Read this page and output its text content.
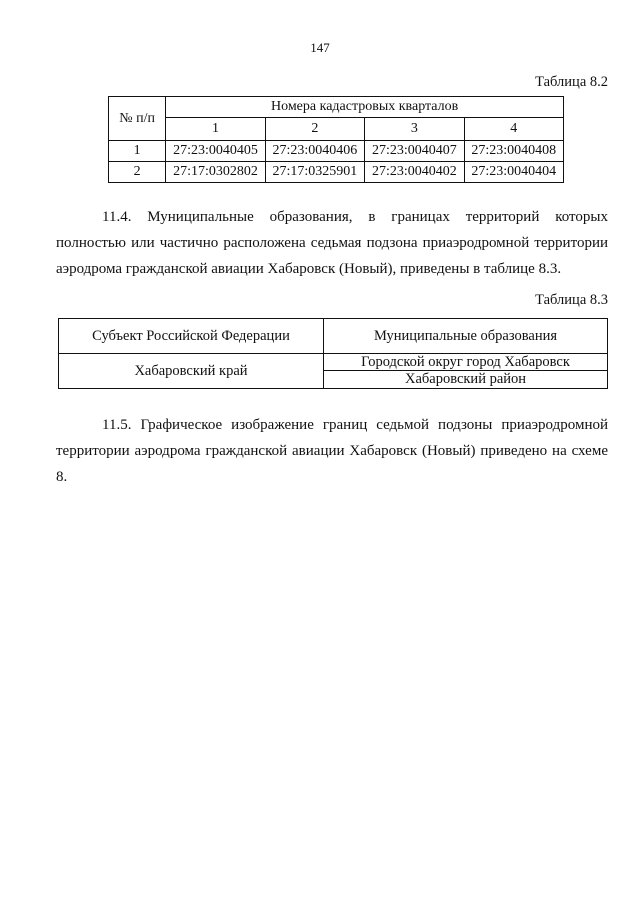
147
Таблица 8.2
№ п/п	Номера кадастровых кварталов			
	1	2	3	4
1	27:23:0040405	27:23:0040406	27:23:0040407	27:23:0040408
2	27:17:0302802	27:17:0325901	27:23:0040402	27:23:0040404
11.4. Муниципальные образования, в границах территорий которых полностью или частично расположена седьмая подзона приаэродромной территории аэродрома гражданской авиации Хабаровск (Новый), приведены в таблице 8.3.
Таблица 8.3
Субъект Российской Федерации	Муниципальные образования
Хабаровский край	Городской округ город Хабаровск
	Хабаровский район
11.5. Графическое изображение границ седьмой подзоны приаэродромной территории аэродрома гражданской авиации Хабаровск (Новый) приведено на схеме 8.
